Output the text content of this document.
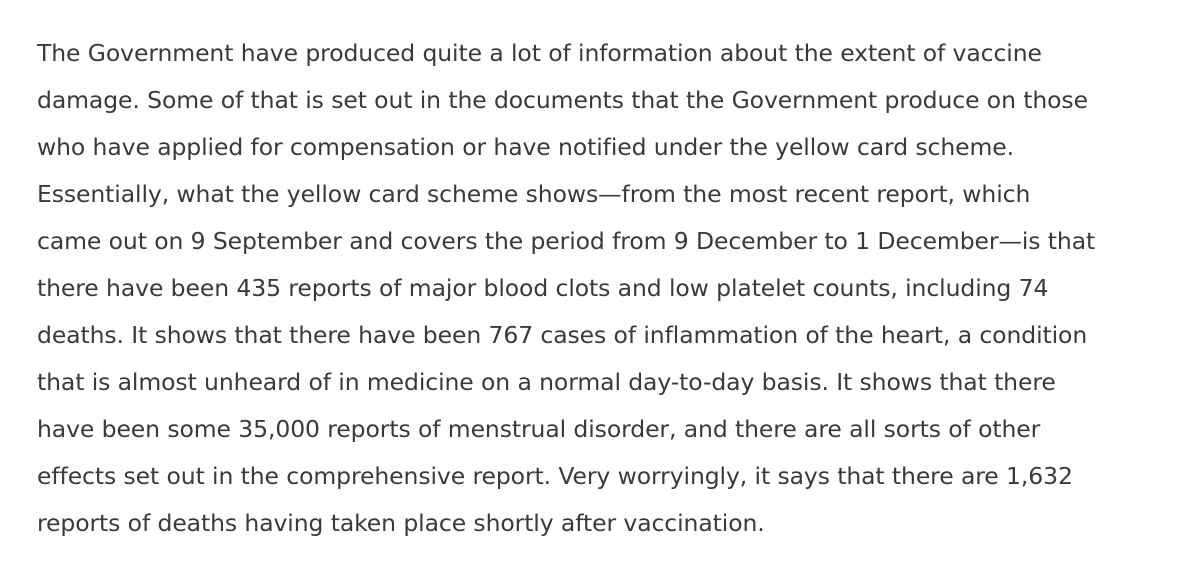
The Government have produced quite a lot of information about the extent of vaccine
damage. Some of that is set out in the documents that the Government produce on those
who have applied for compensation or have notified under the yellow card scheme.
Essentially, what the yellow card scheme shows—from the most recent report, which
came out on 9 September and covers the period from 9 December to 1 December—is that
there have been 435 reports of major blood clots and low platelet counts, including 74
deaths. It shows that there have been 767 cases of inflammation of the heart, a condition
that is almost unheard of in medicine on a normal day-to-day basis. It shows that there
have been some 35,000 reports of menstrual disorder, and there are all sorts of other
effects set out in the comprehensive report. Very worryingly, it says that there are 1,632
reports of deaths having taken place shortly after vaccination.
